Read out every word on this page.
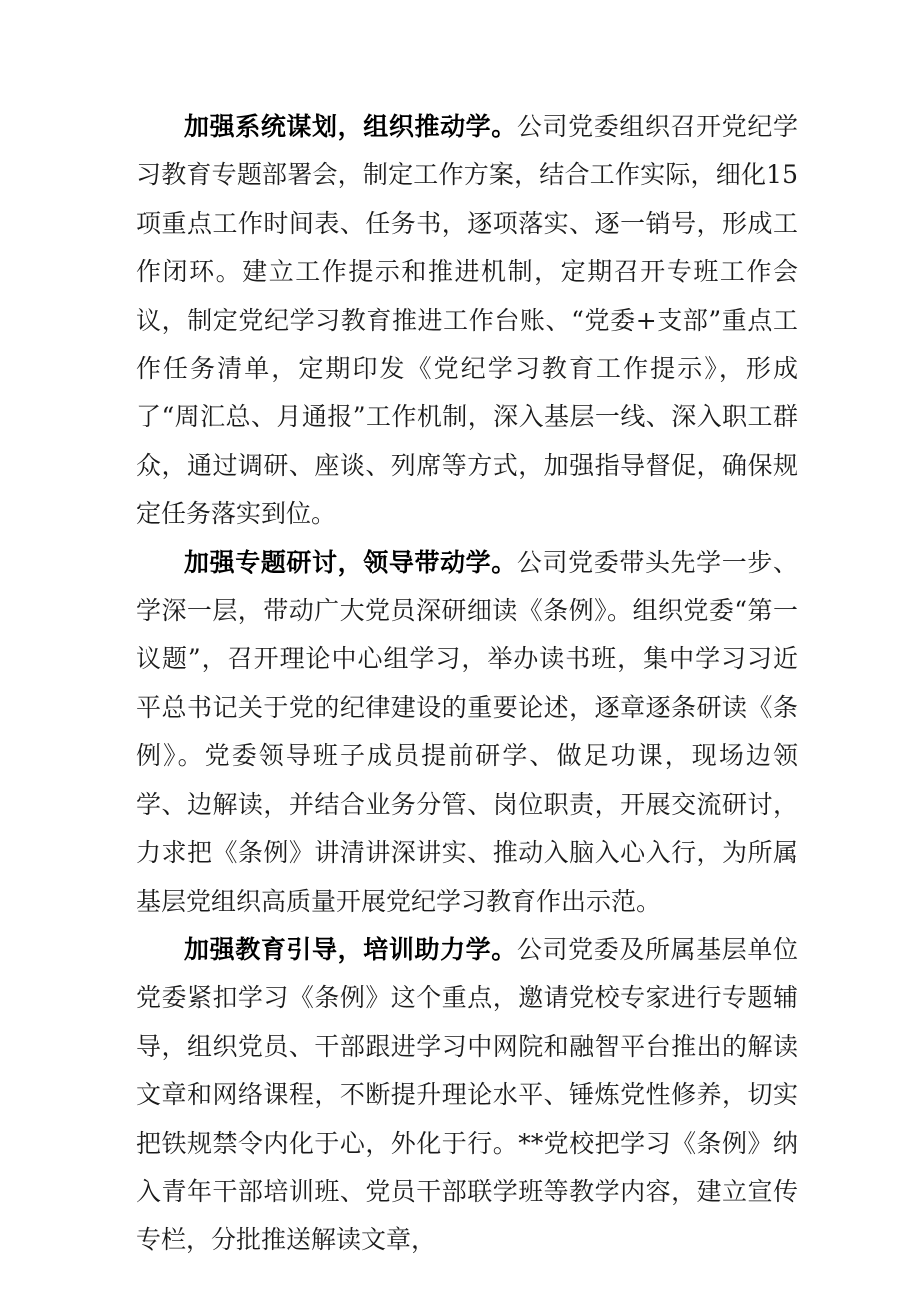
加强系统谋划，组织推动学。公司党委组织召开党纪学习教育专题部署会，制定工作方案，结合工作实际，细化15项重点工作时间表、任务书，逐项落实、逐一销号，形成工作闭环。建立工作提示和推进机制，定期召开专班工作会议，制定党纪学习教育推进工作台账、“党委+支部”重点工作任务清单，定期印发《党纪学习教育工作提示》，形成了“周汇总、月通报”工作机制，深入基层一线、深入职工群众，通过调研、座谈、列席等方式，加强指导督促，确保规定任务落实到位。

加强专题研讨，领导带动学。公司党委带头先学一步、学深一层，带动广大党员深研细读《条例》。组织党委“第一议题”，召开理论中心组学习，举办读书班，集中学习习近平总书记关于党的纪律建设的重要论述，逐章逐条研读《条例》。党委领导班子成员提前研学、做足功课，现场边领学、边解读，并结合业务分管、岗位职责，开展交流研讨，力求把《条例》讲清讲深讲实、推动入脑入心入行，为所属基层党组织高质量开展党纪学习教育作出示范。

加强教育引导，培训助力学。公司党委及所属基层单位党委紧扣学习《条例》这个重点，邀请党校专家进行专题辅导，组织党员、干部跟进学习中网院和融智平台推出的解读文章和网络课程，不断提升理论水平、锤炼党性修养，切实把铁规禁令内化于心，外化于行。**党校把学习《条例》纳入青年干部培训班、党员干部联学班等教学内容，建立宣传专栏，分批推送解读文章，
